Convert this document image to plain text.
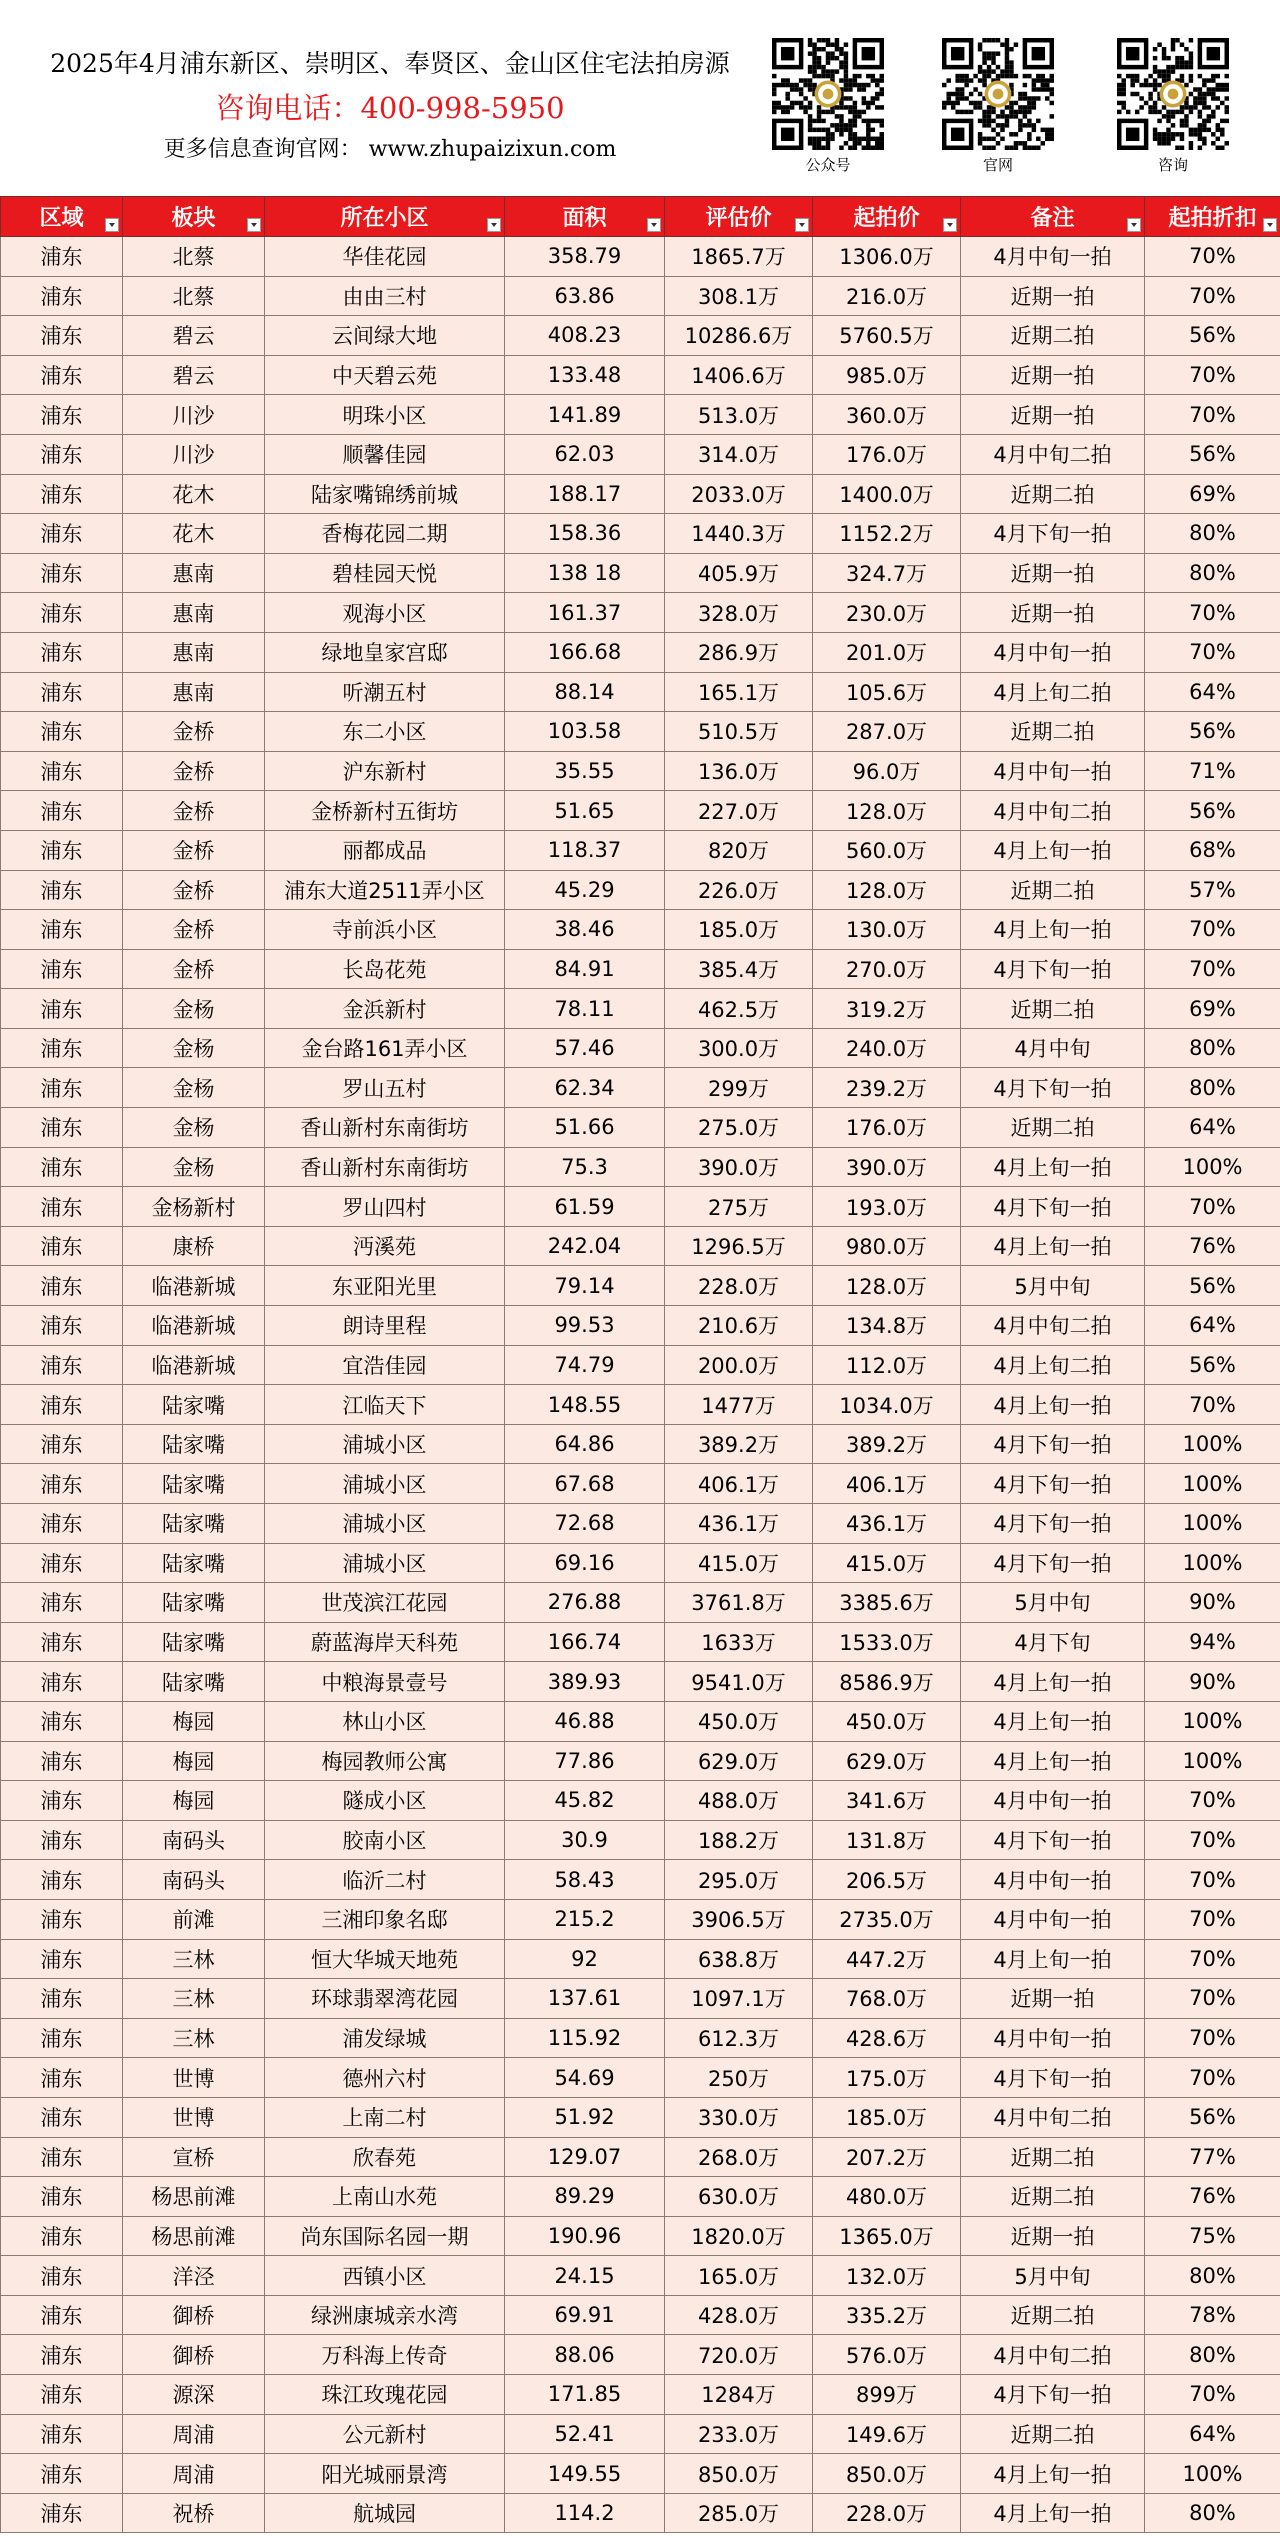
2025年4月浦东新区、崇明区、奉贤区、金山区住宅法拍房源
咨询电话：400-998-5950
更多信息查询官网： www.zhupaizixun.com
公众号	官网	咨询
区域	板块	所在小区	面积	评估价	起拍价	备注	起拍折扣

浦东	北蔡	华佳花园	358.79	1865.7万	1306.0万	4月中旬一拍	70%
浦东	北蔡	由由三村	63.86	308.1万	216.0万	近期一拍	70%
浦东	碧云	云间绿大地	408.23	10286.6万	5760.5万	近期二拍	56%
浦东	碧云	中天碧云苑	133.48	1406.6万	985.0万	近期一拍	70%
浦东	川沙	明珠小区	141.89	513.0万	360.0万	近期一拍	70%
浦东	川沙	顺馨佳园	62.03	314.0万	176.0万	4月中旬二拍	56%
浦东	花木	陆家嘴锦绣前城	188.17	2033.0万	1400.0万	近期二拍	69%
浦东	花木	香梅花园二期	158.36	1440.3万	1152.2万	4月下旬一拍	80%
浦东	惠南	碧桂园天悦	138 18	405.9万	324.7万	近期一拍	80%
浦东	惠南	观海小区	161.37	328.0万	230.0万	近期一拍	70%
浦东	惠南	绿地皇家宫邸	166.68	286.9万	201.0万	4月中旬一拍	70%
浦东	惠南	听潮五村	88.14	165.1万	105.6万	4月上旬二拍	64%
浦东	金桥	东二小区	103.58	510.5万	287.0万	近期二拍	56%
浦东	金桥	沪东新村	35.55	136.0万	96.0万	4月中旬一拍	71%
浦东	金桥	金桥新村五街坊	51.65	227.0万	128.0万	4月中旬二拍	56%
浦东	金桥	丽都成品	118.37	820万	560.0万	4月上旬一拍	68%
浦东	金桥	浦东大道2511弄小区	45.29	226.0万	128.0万	近期二拍	57%
浦东	金桥	寺前浜小区	38.46	185.0万	130.0万	4月上旬一拍	70%
浦东	金桥	长岛花苑	84.91	385.4万	270.0万	4月下旬一拍	70%
浦东	金杨	金浜新村	78.11	462.5万	319.2万	近期二拍	69%
浦东	金杨	金台路161弄小区	57.46	300.0万	240.0万	4月中旬	80%
浦东	金杨	罗山五村	62.34	299万	239.2万	4月下旬一拍	80%
浦东	金杨	香山新村东南街坊	51.66	275.0万	176.0万	近期二拍	64%
浦东	金杨	香山新村东南街坊	75.3	390.0万	390.0万	4月上旬一拍	100%
浦东	金杨新村	罗山四村	61.59	275万	193.0万	4月下旬一拍	70%
浦东	康桥	沔溪苑	242.04	1296.5万	980.0万	4月上旬一拍	76%
浦东	临港新城	东亚阳光里	79.14	228.0万	128.0万	5月中旬	56%
浦东	临港新城	朗诗里程	99.53	210.6万	134.8万	4月中旬二拍	64%
浦东	临港新城	宜浩佳园	74.79	200.0万	112.0万	4月上旬二拍	56%
浦东	陆家嘴	江临天下	148.55	1477万	1034.0万	4月上旬一拍	70%
浦东	陆家嘴	浦城小区	64.86	389.2万	389.2万	4月下旬一拍	100%
浦东	陆家嘴	浦城小区	67.68	406.1万	406.1万	4月下旬一拍	100%
浦东	陆家嘴	浦城小区	72.68	436.1万	436.1万	4月下旬一拍	100%
浦东	陆家嘴	浦城小区	69.16	415.0万	415.0万	4月下旬一拍	100%
浦东	陆家嘴	世茂滨江花园	276.88	3761.8万	3385.6万	5月中旬	90%
浦东	陆家嘴	蔚蓝海岸天科苑	166.74	1633万	1533.0万	4月下旬	94%
浦东	陆家嘴	中粮海景壹号	389.93	9541.0万	8586.9万	4月上旬一拍	90%
浦东	梅园	林山小区	46.88	450.0万	450.0万	4月上旬一拍	100%
浦东	梅园	梅园教师公寓	77.86	629.0万	629.0万	4月上旬一拍	100%
浦东	梅园	隧成小区	45.82	488.0万	341.6万	4月中旬一拍	70%
浦东	南码头	胶南小区	30.9	188.2万	131.8万	4月下旬一拍	70%
浦东	南码头	临沂二村	58.43	295.0万	206.5万	4月中旬一拍	70%
浦东	前滩	三湘印象名邸	215.2	3906.5万	2735.0万	4月中旬一拍	70%
浦东	三林	恒大华城天地苑	92	638.8万	447.2万	4月上旬一拍	70%
浦东	三林	环球翡翠湾花园	137.61	1097.1万	768.0万	近期一拍	70%
浦东	三林	浦发绿城	115.92	612.3万	428.6万	4月中旬一拍	70%
浦东	世博	德州六村	54.69	250万	175.0万	4月下旬一拍	70%
浦东	世博	上南二村	51.92	330.0万	185.0万	4月中旬二拍	56%
浦东	宣桥	欣春苑	129.07	268.0万	207.2万	近期二拍	77%
浦东	杨思前滩	上南山水苑	89.29	630.0万	480.0万	近期二拍	76%
浦东	杨思前滩	尚东国际名园一期	190.96	1820.0万	1365.0万	近期一拍	75%
浦东	洋泾	西镇小区	24.15	165.0万	132.0万	5月中旬	80%
浦东	御桥	绿洲康城亲水湾	69.91	428.0万	335.2万	近期二拍	78%
浦东	御桥	万科海上传奇	88.06	720.0万	576.0万	4月中旬二拍	80%
浦东	源深	珠江玫瑰花园	171.85	1284万	899万	4月下旬一拍	70%
浦东	周浦	公元新村	52.41	233.0万	149.6万	近期二拍	64%
浦东	周浦	阳光城丽景湾	149.55	850.0万	850.0万	4月上旬一拍	100%
浦东	祝桥	航城园	114.2	285.0万	228.0万	4月上旬一拍	80%
